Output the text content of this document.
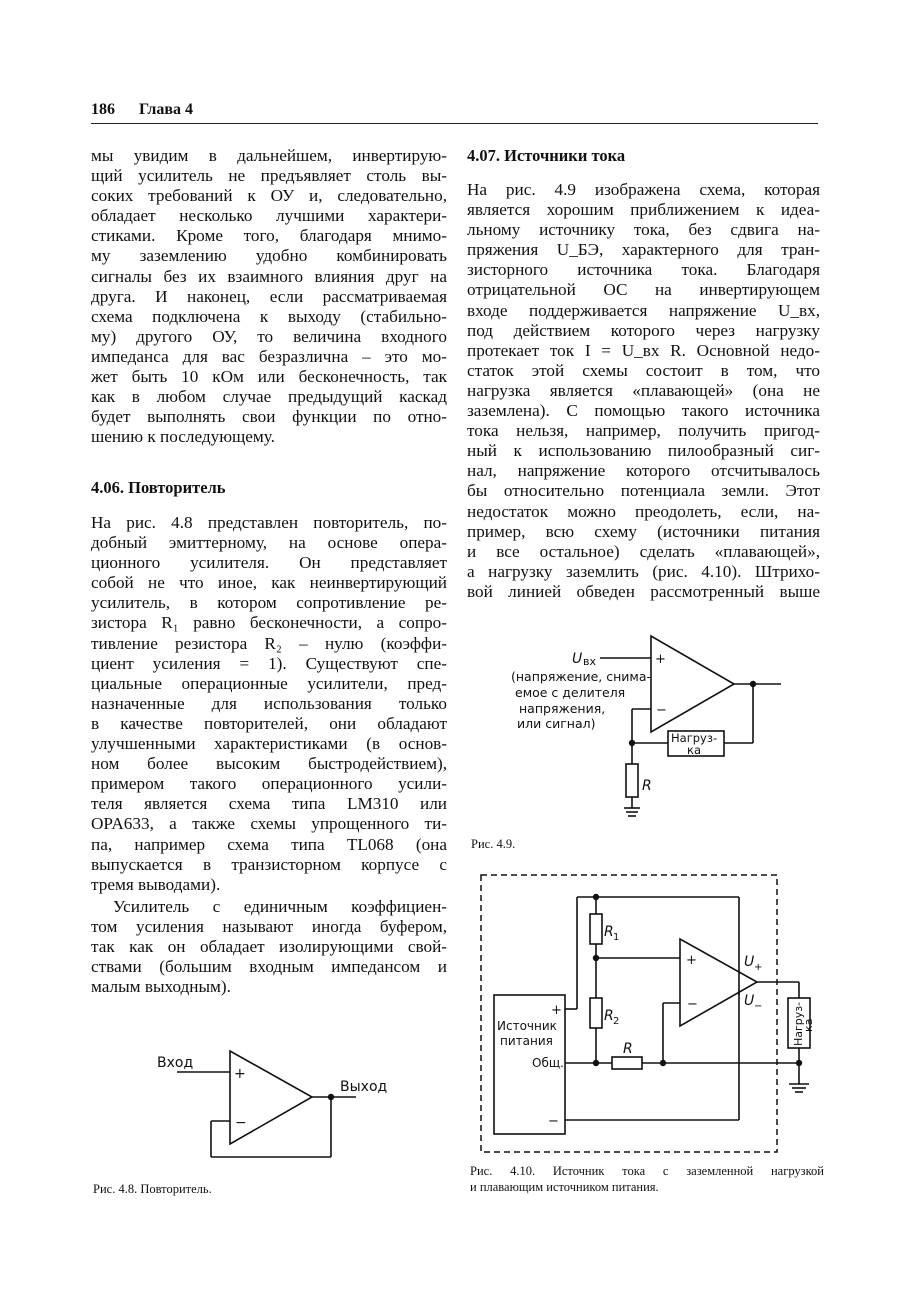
186 Глава 4
мы увидим в дальнейшем, инвертирую-
щий усилитель не предъявляет столь вы-
соких требований к ОУ и, следовательно,
обладает несколько лучшими характери-
стиками. Кроме того, благодаря мнимо-
му заземлению удобно комбинировать
сигналы без их взаимного влияния друг на
друга. И наконец, если рассматриваемая
схема подключена к выходу (стабильно-
му) другого ОУ, то величина входного
импеданса для вас безразлична – это мо-
жет быть 10 кОм или бесконечность, так
как в любом случае предыдущий каскад
будет выполнять свои функции по отно-
шению к последующему.
4.06. Повторитель
На рис. 4.8 представлен повторитель, по-
добный эмиттерному, на основе опера-
ционного усилителя. Он представляет
собой не что иное, как неинвертирующий
усилитель, в котором сопротивление ре-
зистора R₁ равно бесконечности, а сопро-
тивление резистора R₂ – нулю (коэффи-
циент усиления = 1). Существуют спе-
циальные операционные усилители, пред-
назначенные для использования только
в качестве повторителей, они обладают
улучшенными характеристиками (в основ-
ном более высоким быстродействием),
примером такого операционного усили-
теля является схема типа LM310 или
OPA633, а также схемы упрощенного ти-
па, например схема типа TL068 (она
выпускается в транзисторном корпусе с
тремя выводами).
Усилитель с единичным коэффициен-
том усиления называют иногда буфером,
так как он обладает изолирующими свой-
ствами (большим входным импедансом и
малым выходным).
Вход
Выход
+
−
Рис. 4.8. Повторитель.
4.07. Источники тока
На рис. 4.9 изображена схема, которая
является хорошим приближением к идеа-
льному источнику тока, без сдвига на-
пряжения U_БЭ, характерного для тран-
зисторного источника тока. Благодаря
отрицательной ОС на инвертирующем
входе поддерживается напряжение U_вх,
под действием которого через нагрузку
протекает ток I = U_вх R. Основной недо-
статок этой схемы состоит в том, что
нагрузка является «плавающей» (она не
заземлена). С помощью такого источника
тока нельзя, например, получить пригод-
ный к использованию пилообразный сиг-
нал, напряжение которого отсчитывалось
бы относительно потенциала земли. Этот
недостаток можно преодолеть, если, на-
пример, всю схему (источники питания
и все остальное) сделать «плавающей»,
а нагрузку заземлить (рис. 4.10). Штрихо-
вой линией обведен рассмотренный выше
U вх	+
−
(напряжение, снима-
емое с делителя
напряжения,
или сигнал)
Нагруз-
ка
R
Рис. 4.9.
R 1
R 2
R
U +
U −
+
−
+
Источник
питания
Общ.
−
Нагруз-
ка
Рис. 4.10. Источник тока с заземленной нагрузкой
и плавающим источником питания.
